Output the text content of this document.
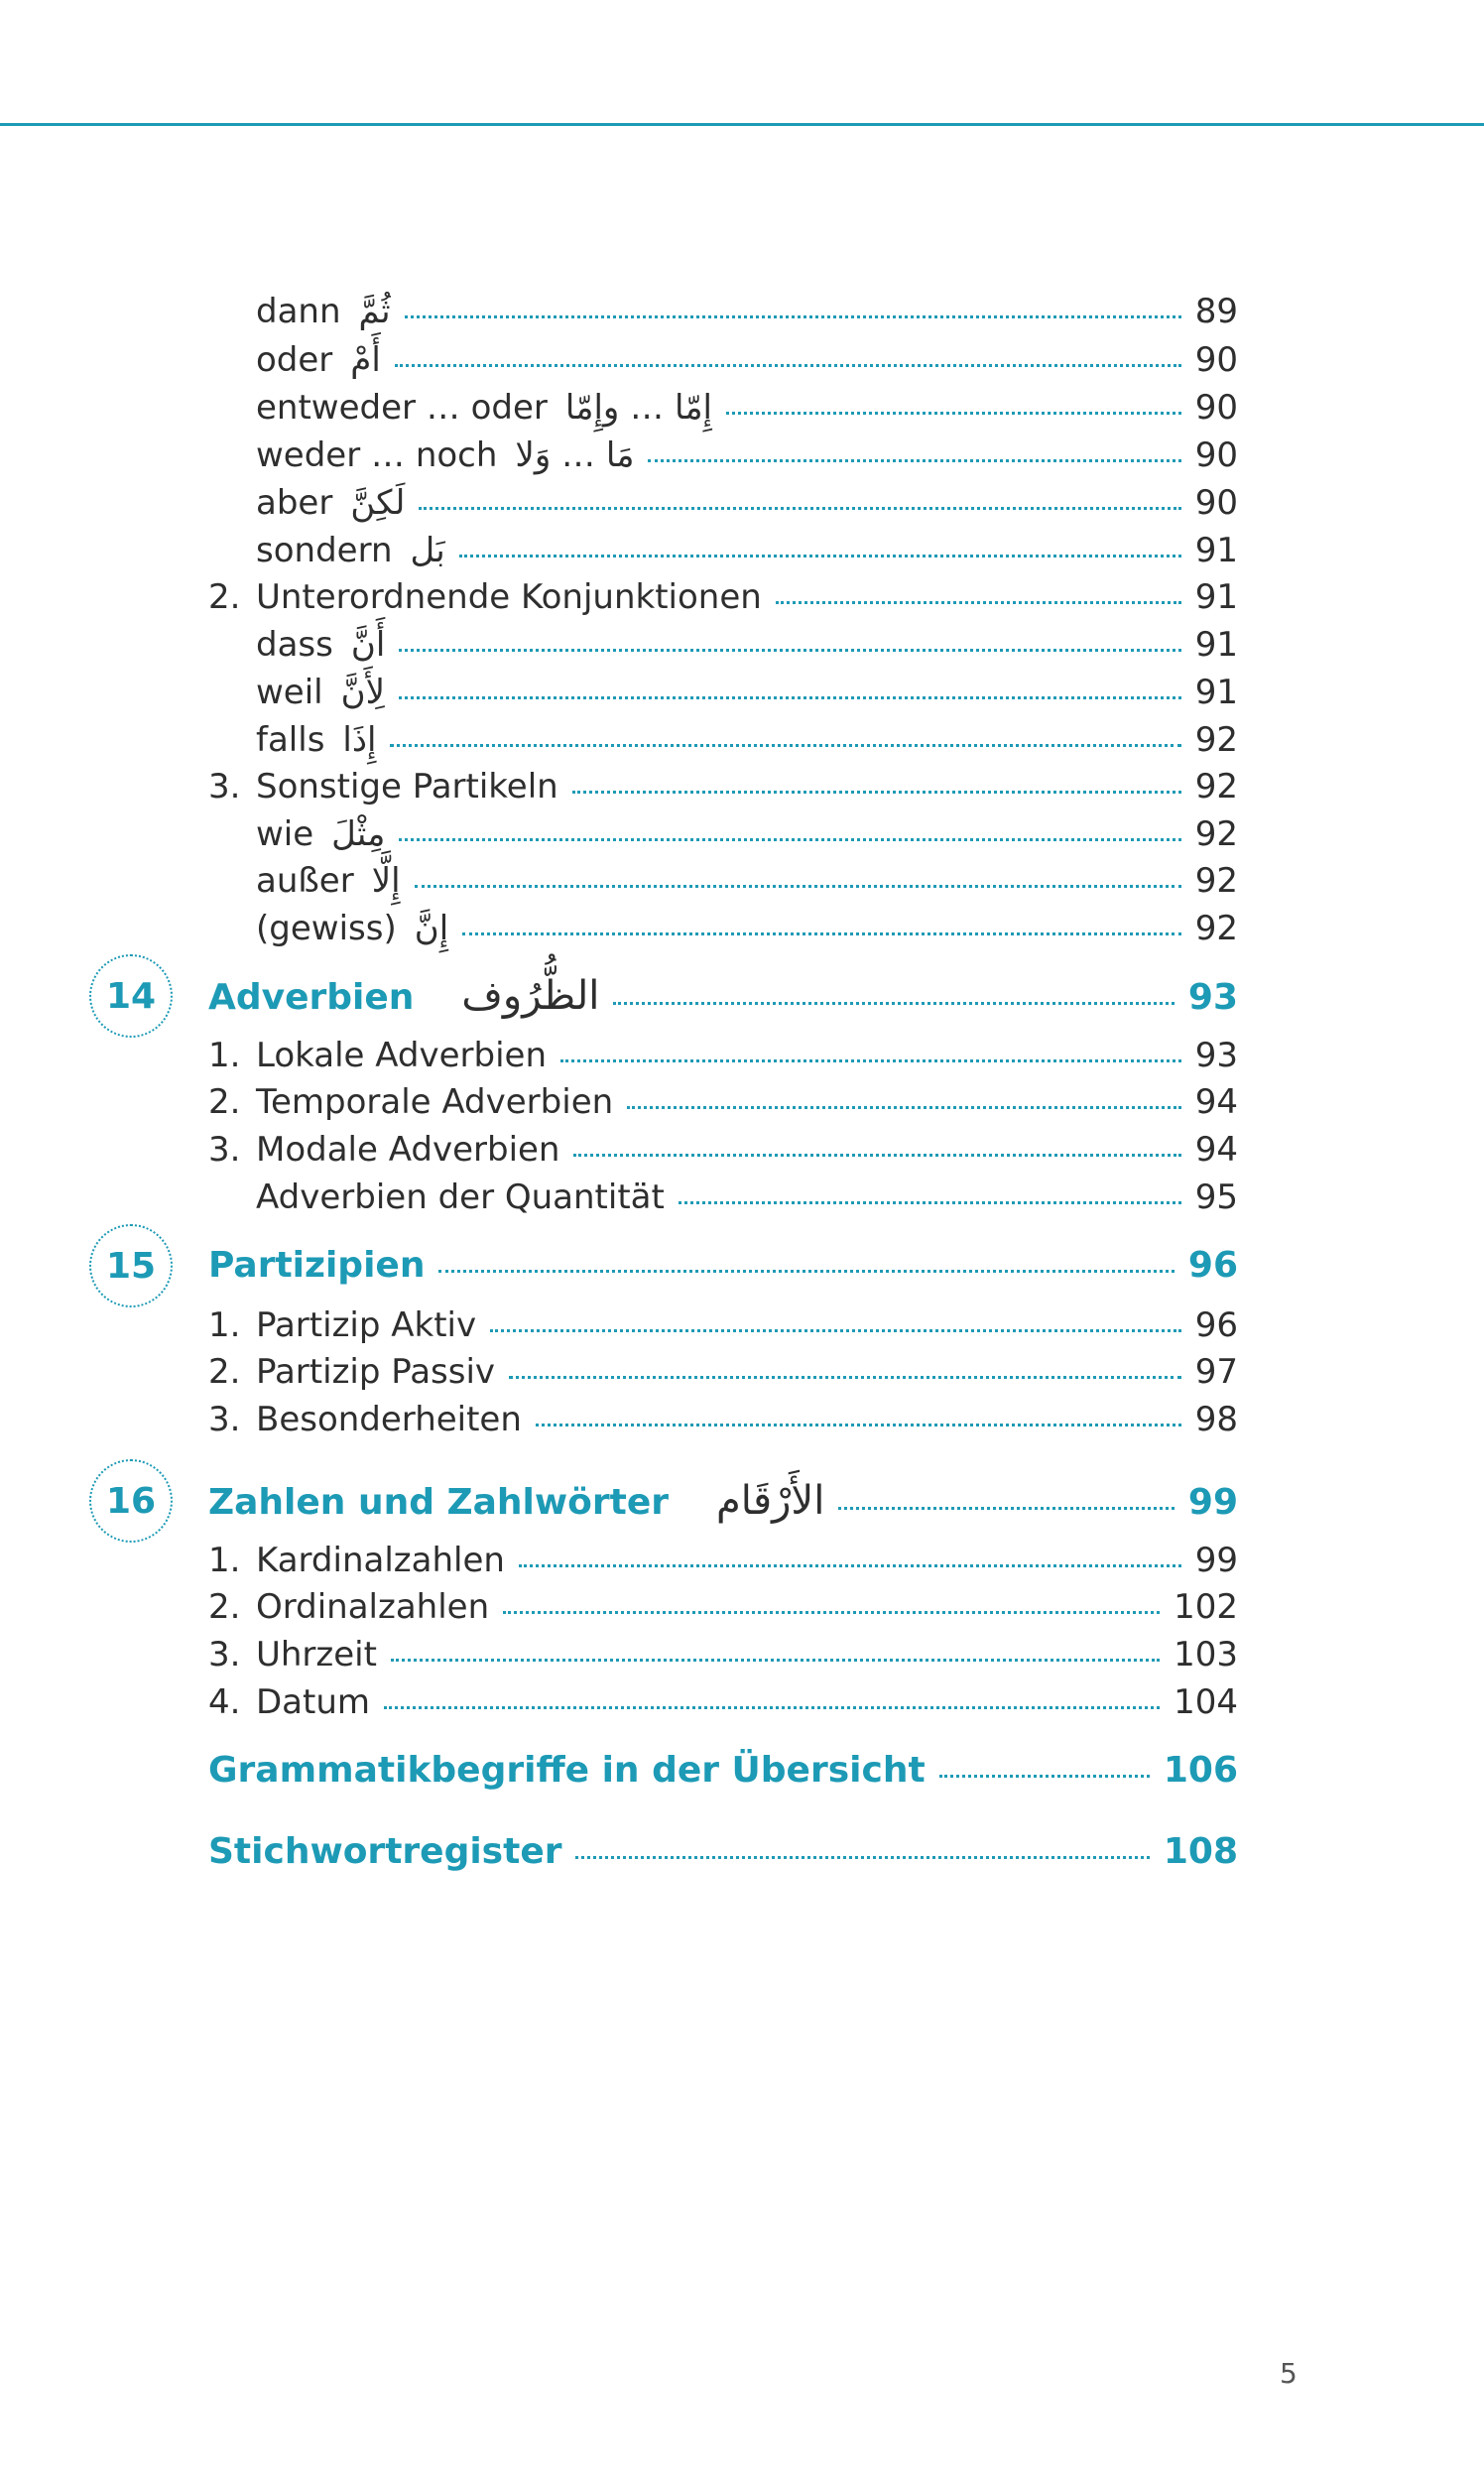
dann ثُمَّ	89
oder أَمْ	90
entweder … oder إِمّا … وإِمّا	90
weder … noch مَا … وَلا	90
aber لَكِنَّ	90
sondern بَل	91
2. Unterordnende Konjunktionen	91
dass أَنَّ	91
weil لِأَنَّ	91
falls إِذَا	92
3. Sonstige Partikeln	92
wie مِثْلَ	92
außer إِلَّا	92
(gewiss) إِنَّ	92
14	Adverbien الظُّرُوف	93
1. Lokale Adverbien	93
2. Temporale Adverbien	94
3. Modale Adverbien	94
Adverbien der Quantität	95
15	Partizipien	96
1. Partizip Aktiv	96
2. Partizip Passiv	97
3. Besonderheiten	98
16	Zahlen und Zahlwörter الأَرْقَام	99
1. Kardinalzahlen	99
2. Ordinalzahlen	102
3. Uhrzeit	103
4. Datum	104
Grammatikbegriffe in der Übersicht	106
Stichwortregister	108
5
